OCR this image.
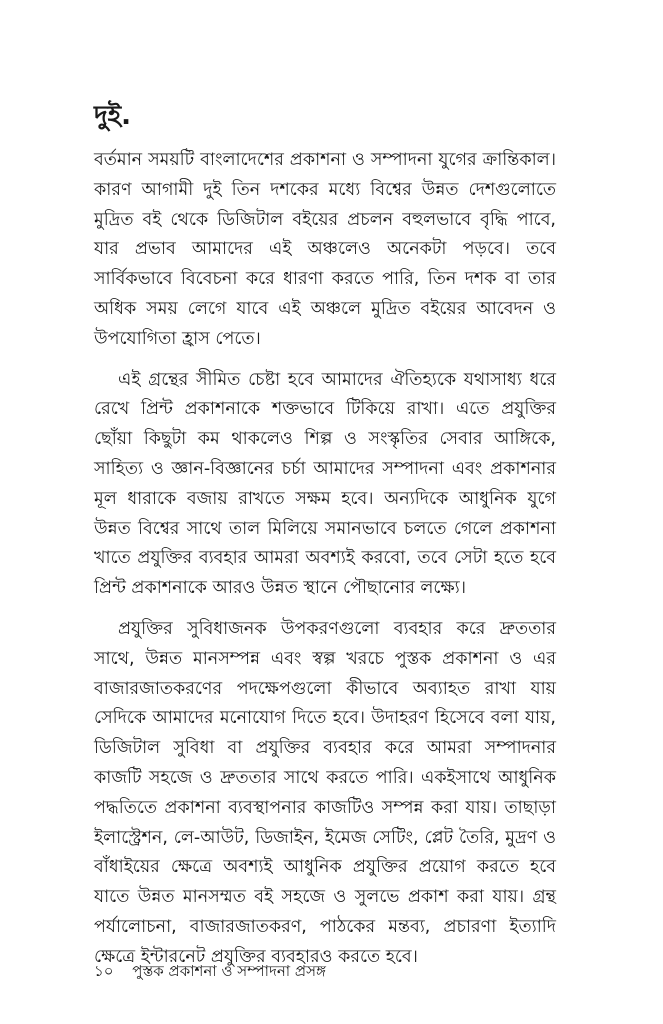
দুই.

বর্তমান সময়টি বাংলাদেশের প্রকাশনা ও সম্পাদনা যুগের ক্রান্তিকাল। কারণ আগামী দুই তিন দশকের মধ্যে বিশ্বের উন্নত দেশগুলোতে মুদ্রিত বই থেকে ডিজিটাল বইয়ের প্রচলন বহুলভাবে বৃদ্ধি পাবে, যার প্রভাব আমাদের এই অঞ্চলেও অনেকটা পড়বে। তবে সার্বিকভাবে বিবেচনা করে ধারণা করতে পারি, তিন দশক বা তার অধিক সময় লেগে যাবে এই অঞ্চলে মুদ্রিত বইয়ের আবেদন ও উপযোগিতা হ্রাস পেতে।

এই গ্রন্থের সীমিত চেষ্টা হবে আমাদের ঐতিহ্যকে যথাসাধ্য ধরে রেখে প্রিন্ট প্রকাশনাকে শক্তভাবে টিকিয়ে রাখা। এতে প্রযুক্তির ছোঁয়া কিছুটা কম থাকলেও শিল্প ও সংস্কৃতির সেবার আঙ্গিকে, সাহিত্য ও জ্ঞান-বিজ্ঞানের চর্চা আমাদের সম্পাদনা এবং প্রকাশনার মূল ধারাকে বজায় রাখতে সক্ষম হবে। অন্যদিকে আধুনিক যুগে উন্নত বিশ্বের সাথে তাল মিলিয়ে সমানভাবে চলতে গেলে প্রকাশনা খাতে প্রযুক্তির ব্যবহার আমরা অবশ্যই করবো, তবে সেটা হতে হবে প্রিন্ট প্রকাশনাকে আরও উন্নত স্থানে পৌছানোর লক্ষ্যে।

প্রযুক্তির সুবিধাজনক উপকরণগুলো ব্যবহার করে দ্রুততার সাথে, উন্নত মানসম্পন্ন এবং স্বল্প খরচে পুস্তক প্রকাশনা ও এর বাজারজাতকরণের পদক্ষেপগুলো কীভাবে অব্যাহত রাখা যায় সেদিকে আমাদের মনোযোগ দিতে হবে। উদাহরণ হিসেবে বলা যায়, ডিজিটাল সুবিধা বা প্রযুক্তির ব্যবহার করে আমরা সম্পাদনার কাজটি সহজে ও দ্রুততার সাথে করতে পারি। একইসাথে আধুনিক পদ্ধতিতে প্রকাশনা ব্যবস্থাপনার কাজটিও সম্পন্ন করা যায়। তাছাড়া ইলাস্ট্রেশন, লে-আউট, ডিজাইন, ইমেজ সেটিং, প্লেট তৈরি, মুদ্রণ ও বাঁধাইয়ের ক্ষেত্রে অবশ্যই আধুনিক প্রযুক্তির প্রয়োগ করতে হবে যাতে উন্নত মানসম্মত বই সহজে ও সুলভে প্রকাশ করা যায়। গ্রন্থ পর্যালোচনা, বাজারজাতকরণ, পাঠকের মন্তব্য, প্রচারণা ইত্যাদি ক্ষেত্রে ইন্টারনেট প্রযুক্তির ব্যবহারও করতে হবে।

১০ পুস্তক প্রকাশনা ও সম্পাদনা প্রসঙ্গ
